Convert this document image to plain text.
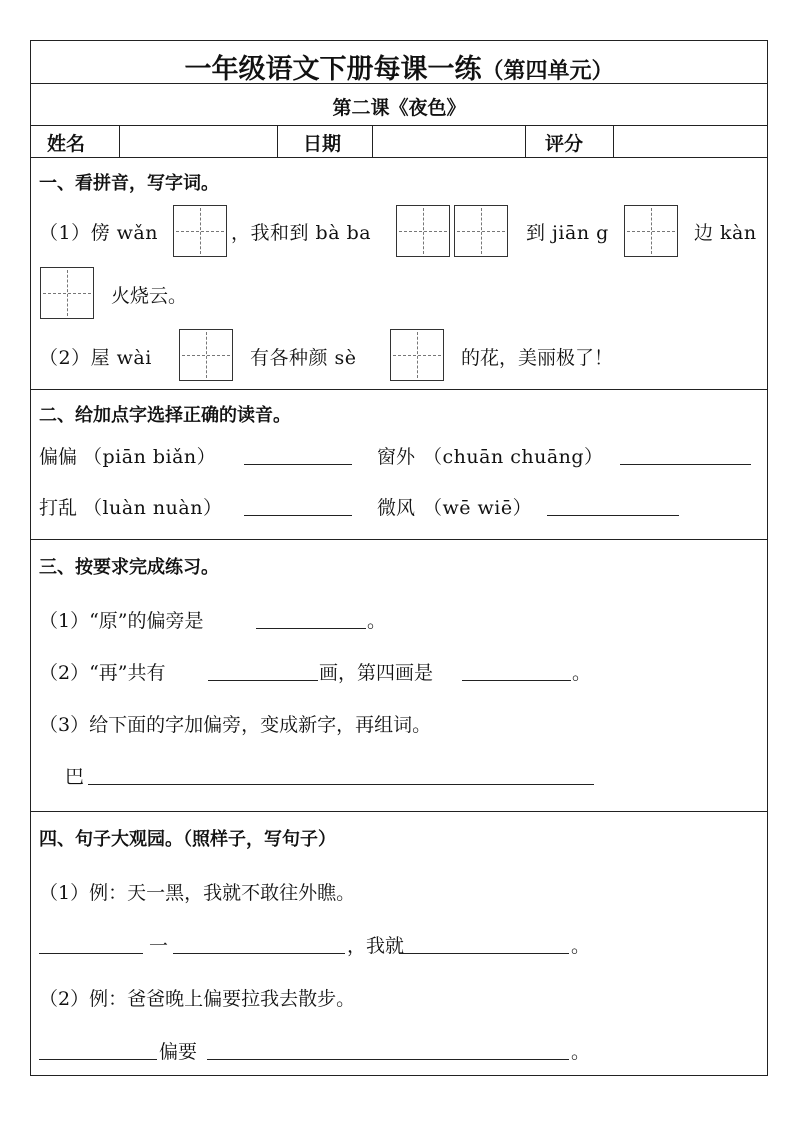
一年级语文下册每课一练（第四单元）
第二课《夜色》
姓名	日期	评分
一、看拼音，写字词。
（1）傍 wǎn	，我和到 bà ba	到 jiān g	边 kàn
火烧云。
（2）屋 wài	有各种颜 sè	的花，美丽极了！
二、给加点字选择正确的读音。
偏偏 （piān biǎn）	窗外 （chuān chuāng）
打乱 （luàn nuàn）	微风 （wē wiē）
三、按要求完成练习。
（1）“原”的偏旁是	。
（2）“再”共有	画，第四画是	。
（3）给下面的字加偏旁，变成新字，再组词。
巴
四、句子大观园。（照样子，写句子）
（1）例：天一黑，我就不敢往外瞧。
一	，我就	。
（2）例：爸爸晚上偏要拉我去散步。
偏要	。
